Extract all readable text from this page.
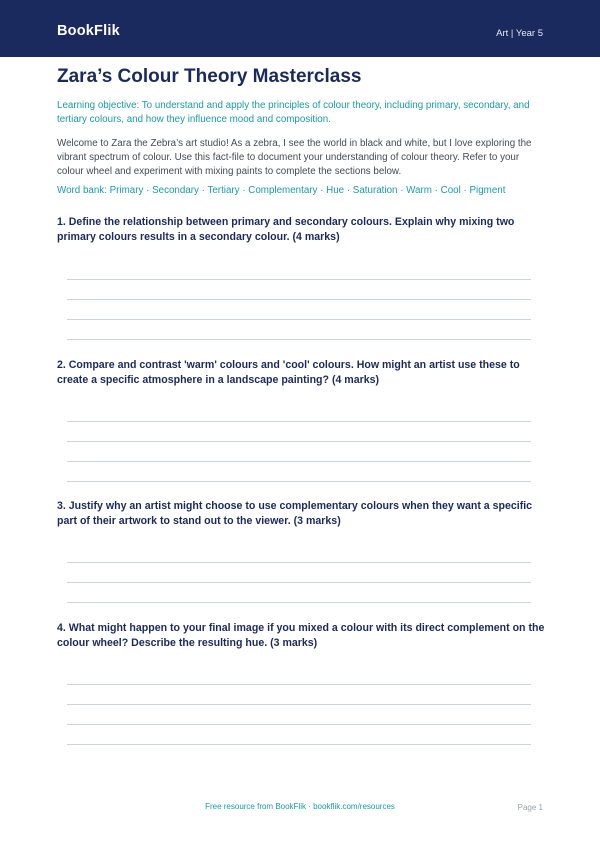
BookFlik	Art | Year 5
Zara’s Colour Theory Masterclass
Learning objective: To understand and apply the principles of colour theory, including primary, secondary, and tertiary colours, and how they influence mood and composition.
Welcome to Zara the Zebra’s art studio! As a zebra, I see the world in black and white, but I love exploring the vibrant spectrum of colour. Use this fact-file to document your understanding of colour theory. Refer to your colour wheel and experiment with mixing paints to complete the sections below.
Word bank: Primary · Secondary · Tertiary · Complementary · Hue · Saturation · Warm · Cool · Pigment
1. Define the relationship between primary and secondary colours. Explain why mixing two primary colours results in a secondary colour. (4 marks)
2. Compare and contrast 'warm' colours and 'cool' colours. How might an artist use these to create a specific atmosphere in a landscape painting? (4 marks)
3. Justify why an artist might choose to use complementary colours when they want a specific part of their artwork to stand out to the viewer. (3 marks)
4. What might happen to your final image if you mixed a colour with its direct complement on the colour wheel? Describe the resulting hue. (3 marks)
Free resource from BookFlik · bookflik.com/resources	Page 1
